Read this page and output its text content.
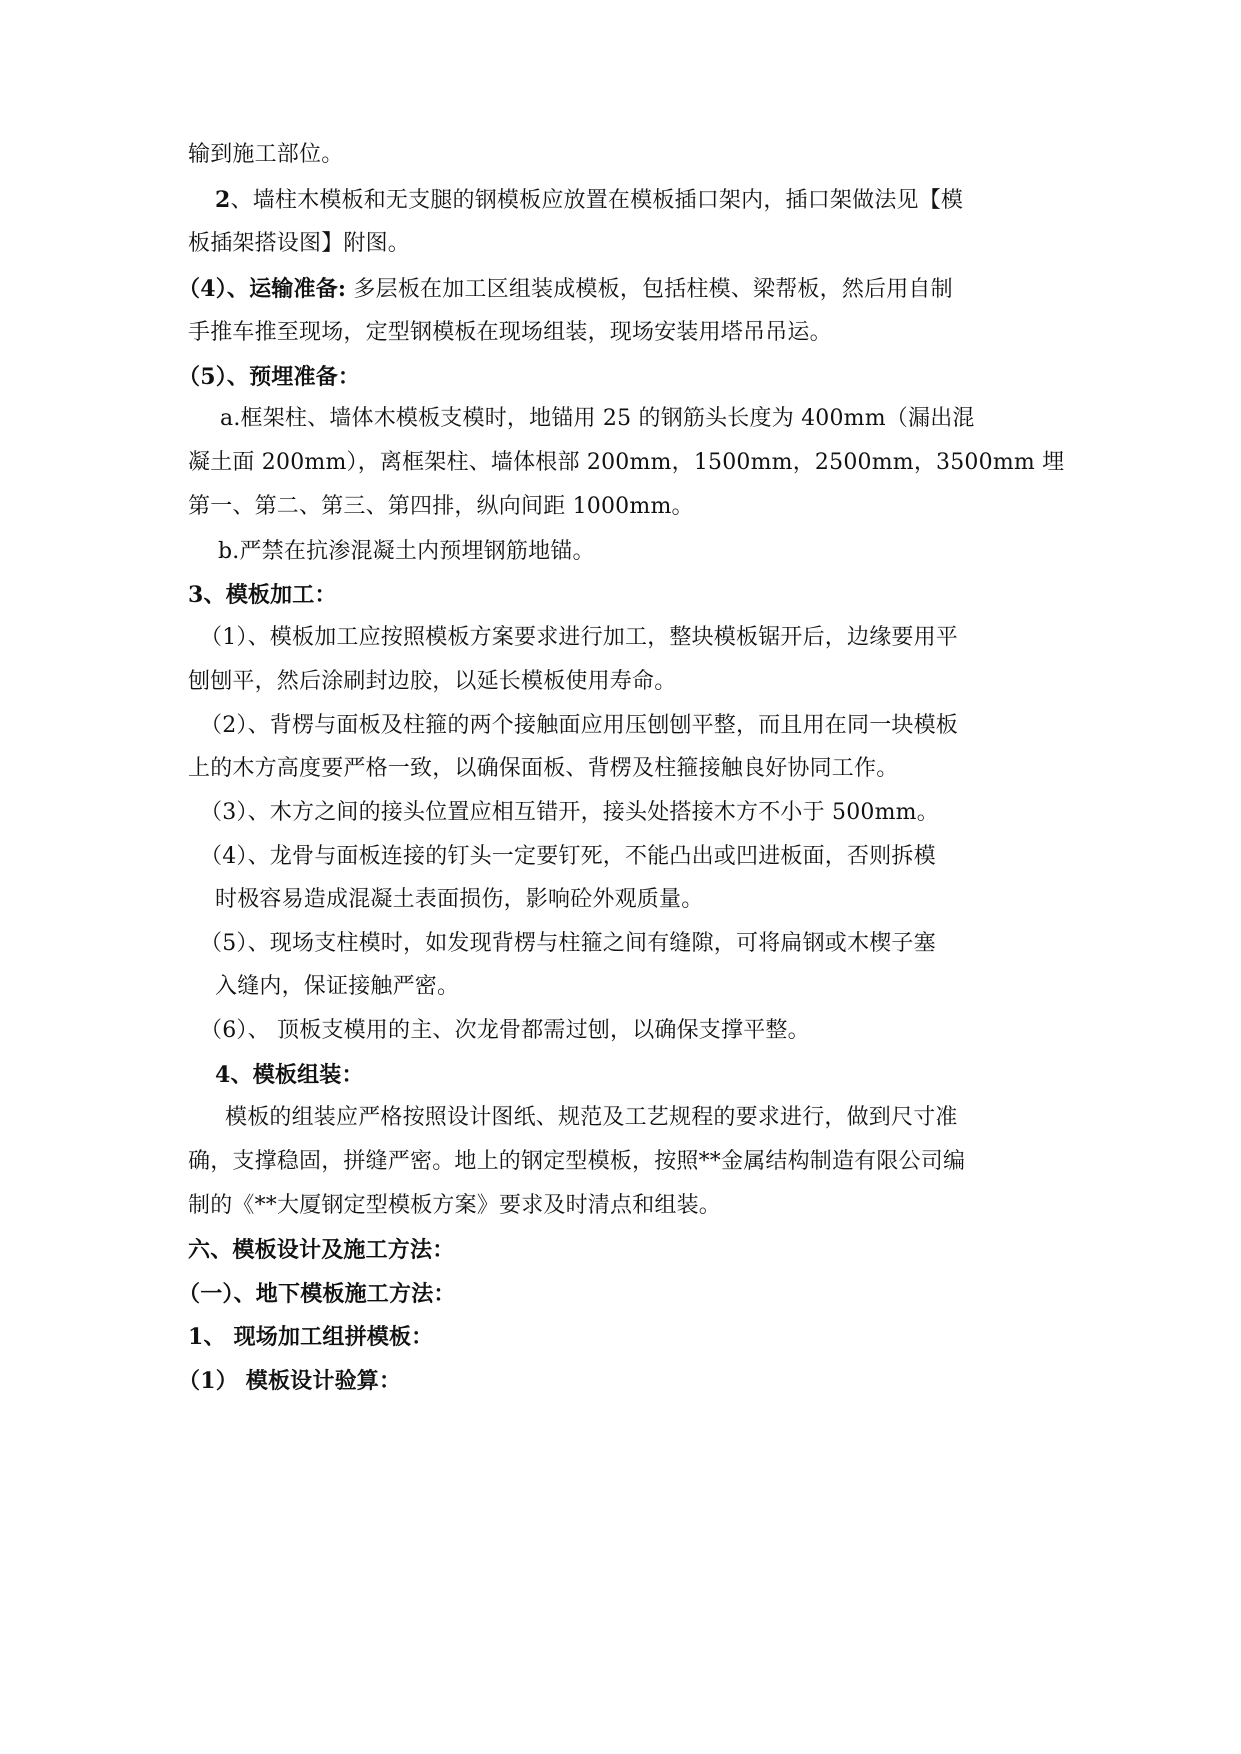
输到施工部位。
2、墙柱木模板和无支腿的钢模板应放置在模板插口架内，插口架做法见【模
板插架搭设图】附图。
（4）、运输准备: 多层板在加工区组装成模板，包括柱模、梁帮板，然后用自制
手推车推至现场，定型钢模板在现场组装，现场安装用塔吊吊运。
（5）、预埋准备：
a.框架柱、墙体木模板支模时，地锚用 25 的钢筋头长度为 400mm（漏出混
凝土面 200mm），离框架柱、墙体根部 200mm，1500mm，2500mm，3500mm 埋
第一、第二、第三、第四排，纵向间距 1000mm。
b.严禁在抗渗混凝土内预埋钢筋地锚。
3、模板加工：
（1）、模板加工应按照模板方案要求进行加工，整块模板锯开后，边缘要用平
刨刨平，然后涂刷封边胶，以延长模板使用寿命。
（2）、背楞与面板及柱箍的两个接触面应用压刨刨平整，而且用在同一块模板
上的木方高度要严格一致，以确保面板、背楞及柱箍接触良好协同工作。
（3）、木方之间的接头位置应相互错开，接头处搭接木方不小于 500mm。
（4）、龙骨与面板连接的钉头一定要钉死，不能凸出或凹进板面，否则拆模
时极容易造成混凝土表面损伤，影响砼外观质量。
（5）、现场支柱模时，如发现背楞与柱箍之间有缝隙，可将扁钢或木楔子塞
入缝内，保证接触严密。
（6）、 顶板支模用的主、次龙骨都需过刨，以确保支撑平整。
4、模板组装：
模板的组装应严格按照设计图纸、规范及工艺规程的要求进行，做到尺寸准
确，支撑稳固，拼缝严密。地上的钢定型模板，按照**金属结构制造有限公司编
制的《**大厦钢定型模板方案》要求及时清点和组装。
六、模板设计及施工方法：
（一）、地下模板施工方法：
1、 现场加工组拼模板：
（1） 模板设计验算：
